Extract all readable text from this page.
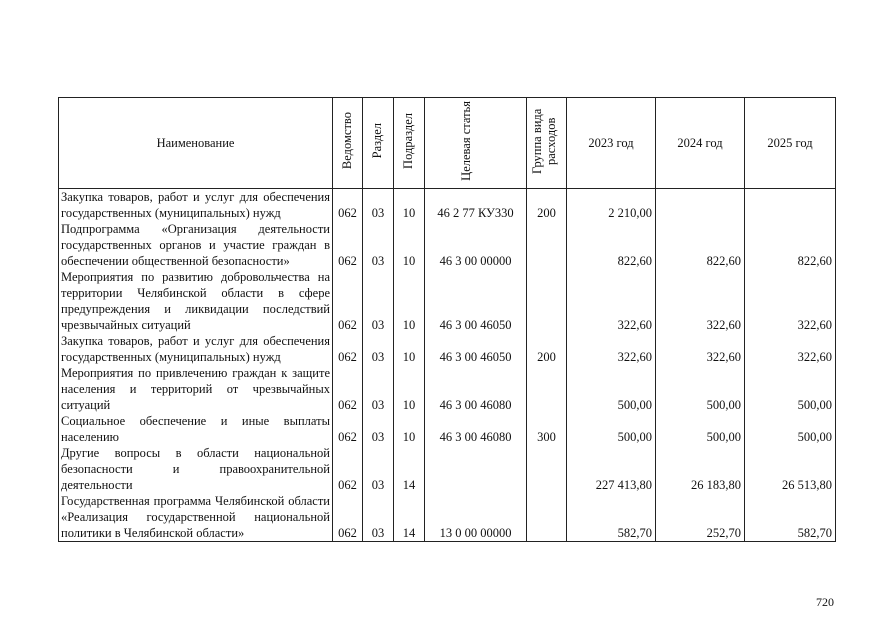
Наименование	Ведомство	Раздел	Подраздел	Целевая статья	Группа вида расходов	2023 год	2024 год	2025 год
Закупка товаров, работ и услуг для обеспечения государственных (муниципальных) нужд	062	03	10	46 2 77 КУ330	200	2 210,00		
Подпрограмма «Организация деятельности государственных органов и участие граждан в обеспечении общественной безопасности»	062	03	10	46 3 00 00000		822,60	822,60	822,60
Мероприятия по развитию добровольчества на территории Челябинской области в сфере предупреждения и ликвидации последствий чрезвычайных ситуаций	062	03	10	46 3 00 46050		322,60	322,60	322,60
Закупка товаров, работ и услуг для обеспечения государственных (муниципальных) нужд	062	03	10	46 3 00 46050	200	322,60	322,60	322,60
Мероприятия по привлечению граждан к защите населения и территорий от чрезвычайных ситуаций	062	03	10	46 3 00 46080		500,00	500,00	500,00
Социальное обеспечение и иные выплаты населению	062	03	10	46 3 00 46080	300	500,00	500,00	500,00
Другие вопросы в области национальной безопасности и правоохранительной деятельности	062	03	14			227 413,80	26 183,80	26 513,80
Государственная программа Челябинской области «Реализация государственной национальной политики в Челябинской области»	062	03	14	13 0 00 00000		582,70	252,70	582,70
720
